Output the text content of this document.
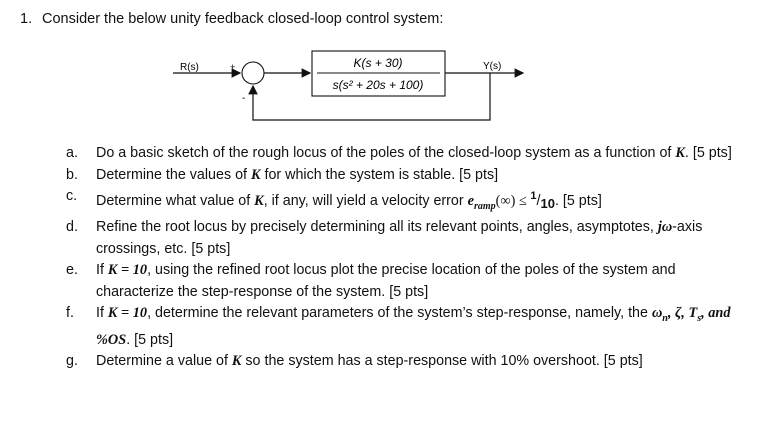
1. Consider the below unity feedback closed-loop control system:
R(s)	+
-
K(s + 30)
s(s² + 20s + 100)
Y(s)
a.	Do a basic sketch of the rough locus of the poles of the closed-loop system as a function of K. [5 pts]
b.	Determine the values of K for which the system is stable. [5 pts]
c.	Determine what value of K, if any, will yield a velocity error $e_{ramp}(\infty) \le ^1/10$. [5 pts]
d.	Refine the root locus by precisely determining all its relevant points, angles, asymptotes, jω-axis crossings, etc. [5 pts]
e.	If K = 10, using the refined root locus plot the precise location of the poles of the system and characterize the step-response of the system. [5 pts]
f.	If K = 10, determine the relevant parameters of the system’s step-response, namely, the $\omega_n$, ζ, $T_s$, and %OS. [5 pts]
g.	Determine a value of K so the system has a step-response with 10% overshoot. [5 pts]
